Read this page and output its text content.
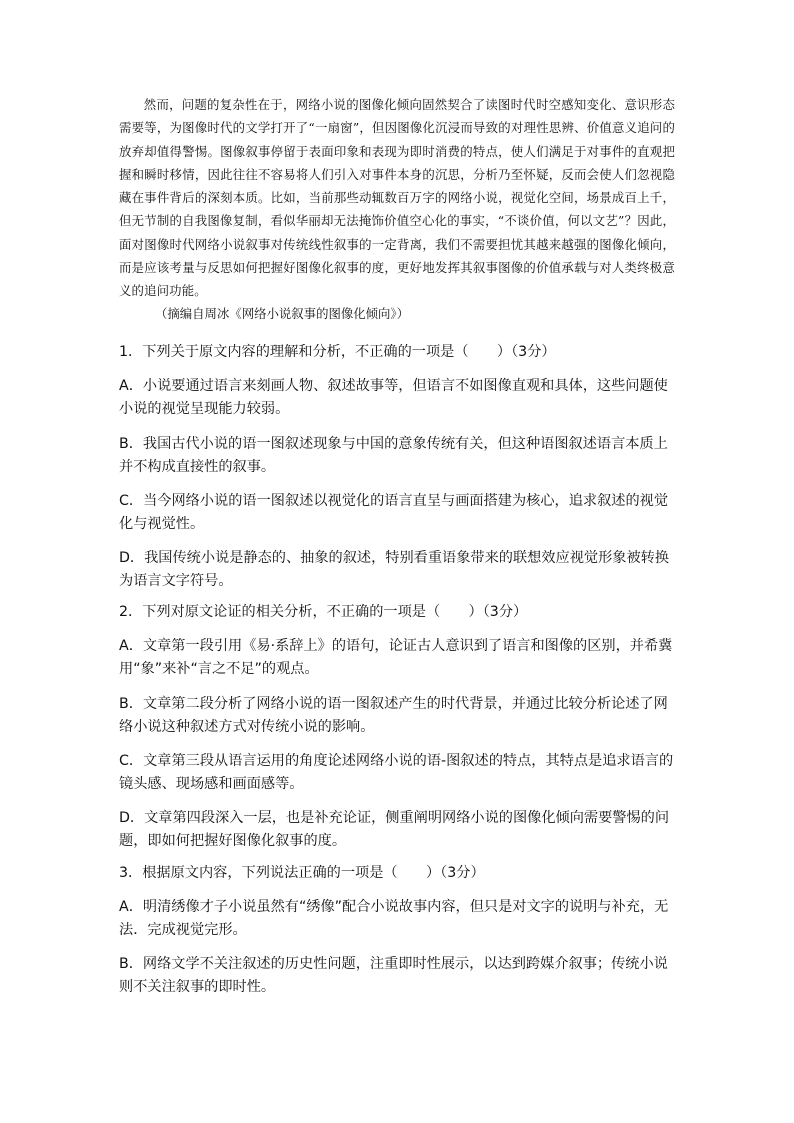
然而，问题的复杂性在于，网络小说的图像化倾向固然契合了读图时代时空感知变化、意识形态需要等，为图像时代的文学打开了“一扇窗”，但因图像化沉浸而导致的对理性思辨、价值意义追问的放弃却值得警惕。图像叙事停留于表面印象和表现为即时消费的特点，使人们满足于对事件的直观把握和瞬时移情，因此往往不容易将人们引入对事件本身的沉思，分析乃至怀疑，反而会使人们忽视隐藏在事件背后的深刻本质。比如，当前那些动辄数百万字的网络小说，视觉化空间，场景成百上千，但无节制的自我图像复制，看似华丽却无法掩饰价值空心化的事实，“不谈价值，何以文艺”？因此，面对图像时代网络小说叙事对传统线性叙事的一定背离，我们不需要担忧其越来越强的图像化倾向，而是应该考量与反思如何把握好图像化叙事的度，更好地发挥其叙事图像的价值承载与对人类终极意义的追问功能。

（摘编自周冰《网络小说叙事的图像化倾向》）

1．下列关于原文内容的理解和分析，不正确的一项是（　　）（3分）

A．小说要通过语言来刻画人物、叙述故事等，但语言不如图像直观和具体，这些问题使小说的视觉呈现能力较弱。

B．我国古代小说的语一图叙述现象与中国的意象传统有关，但这种语图叙述语言本质上并不构成直接性的叙事。

C．当今网络小说的语一图叙述以视觉化的语言直呈与画面搭建为核心，追求叙述的视觉化与视觉性。

D．我国传统小说是静态的、抽象的叙述，特别看重语象带来的联想效应视觉形象被转换为语言文字符号。

2．下列对原文论证的相关分析，不正确的一项是（　　）（3分）

A．文章第一段引用《易·系辞上》的语句，论证古人意识到了语言和图像的区别，并希冀用“象”来补“言之不足”的观点。

B．文章第二段分析了网络小说的语一图叙述产生的时代背景，并通过比较分析论述了网络小说这种叙述方式对传统小说的影响。

C．文章第三段从语言运用的角度论述网络小说的语-图叙述的特点，其特点是追求语言的镜头感、现场感和画面感等。

D．文章第四段深入一层，也是补充论证，侧重阐明网络小说的图像化倾向需要警惕的问题，即如何把握好图像化叙事的度。

3．根据原文内容，下列说法正确的一项是（　　）（3分）

A．明清绣像才子小说虽然有“绣像”配合小说故事内容，但只是对文字的说明与补充，无法．完成视觉完形。

B．网络文学不关注叙述的历史性问题，注重即时性展示，以达到跨媒介叙事；传统小说则不关注叙事的即时性。
